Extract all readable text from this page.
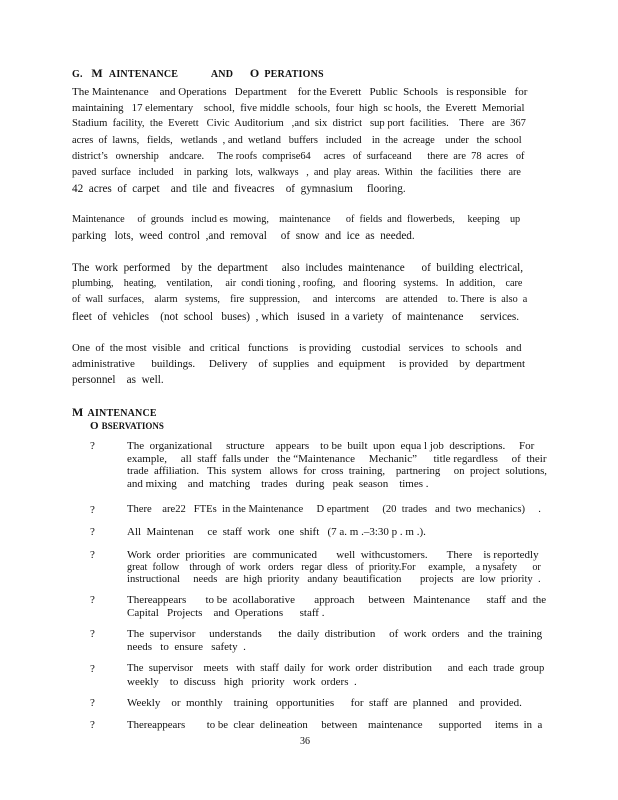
G. M AINTENANCE	AND O PERATIONS

The Maintenance    and Operations   Department    for the Everett   Public  Schools   is responsible   for
maintaining   17 elementary    school,  five middle  schools,  four  high  sc hools,  the  Everett  Memorial
Stadium  facility,  the  Everett   Civic  Auditorium   ,and  six  district   sup port  facilities.    There   are  367
acres  of  lawns,   fields,   wetlands  , and  wetland   buffers   included    in  the  acreage    under   the  school
district’s   ownership    andcare.     The roofs  comprise64     acres   of  surfaceand      there  are  78  acres   of
paved  surface   included    in  parking   lots,  walkways   ,  and  play  areas.  Within   the  facilities   there   are
42  acres  of  carpet    and  tile  and  fiveacres    of  gymnasium     flooring.

Maintenance     of  grounds   includ es  mowing,    maintenance      of  fields  and  flowerbeds,     keeping    up
parking   lots,  weed  control  ,and  removal     of  snow  and  ice  as  needed.

The  work  performed    by  the  department     also  includes  maintenance      of  building  electrical,
plumbing,    heating,    ventilation,     air  condi tioning , roofing,   and  flooring   systems.   In  addition,    care
of  wall  surfaces,    alarm   systems,    fire  suppression,     and   intercoms    are  attended    to. There  is  also  a
fleet  of  vehicles    (not  school   buses)  , which   isused  in  a variety   of  maintenance      services.

One  of  the most  visible   and  critical   functions    is providing    custodial   services   to  schools   and
administrative      buildings.     Delivery    of  supplies   and  equipment     is provided    by  department
personnel    as  well.

M AINTENANCE
O BSERVATIONS
?	The  organizational     structure    appears    to be  built  upon  equa l job  descriptions.     For
example,     all  staff  falls under   the “Maintenance     Mechanic”      title regardless     of  their
trade  affiliation.   This  system   allows  for  cross  training,    partnering     on  project  solutions,
and mixing    and  matching    trades   during   peak  season    times .
?	There    are22   FTEs  in the Maintenance     D epartment     (20  trades   and  two  mechanics)     .
?	All  Maintenan     ce  staff  work   one  shift   (7 a. m .–3:30 p . m .).
?	Work  order  priorities   are  communicated       well  withcustomers.       There    is reportedly
great  follow    through  of  work   orders   regar  dless   of  priority.For     example,    a nysafety      or
instructional     needs   are  high  priority   andany  beautification       projects   are  low  priority  .
?	Thereappears       to be  acollaborative       approach     between   Maintenance      staff  and  the
Capital   Projects    and  Operations      staff .
?	The  supervisor     understands      the  daily  distribution     of  work  orders   and  the  training
needs   to  ensure   safety  .
?	The  supervisor    meets   with  staff  daily  for  work  order  distribution      and  each  trade  group
weekly    to  discuss   high   priority   work  orders  .
?	Weekly    or  monthly    training   opportunities      for  staff  are  planned    and  provided.
?	Thereappears        to be  clear  delineation     between    maintenance      supported     items  in  a
36
